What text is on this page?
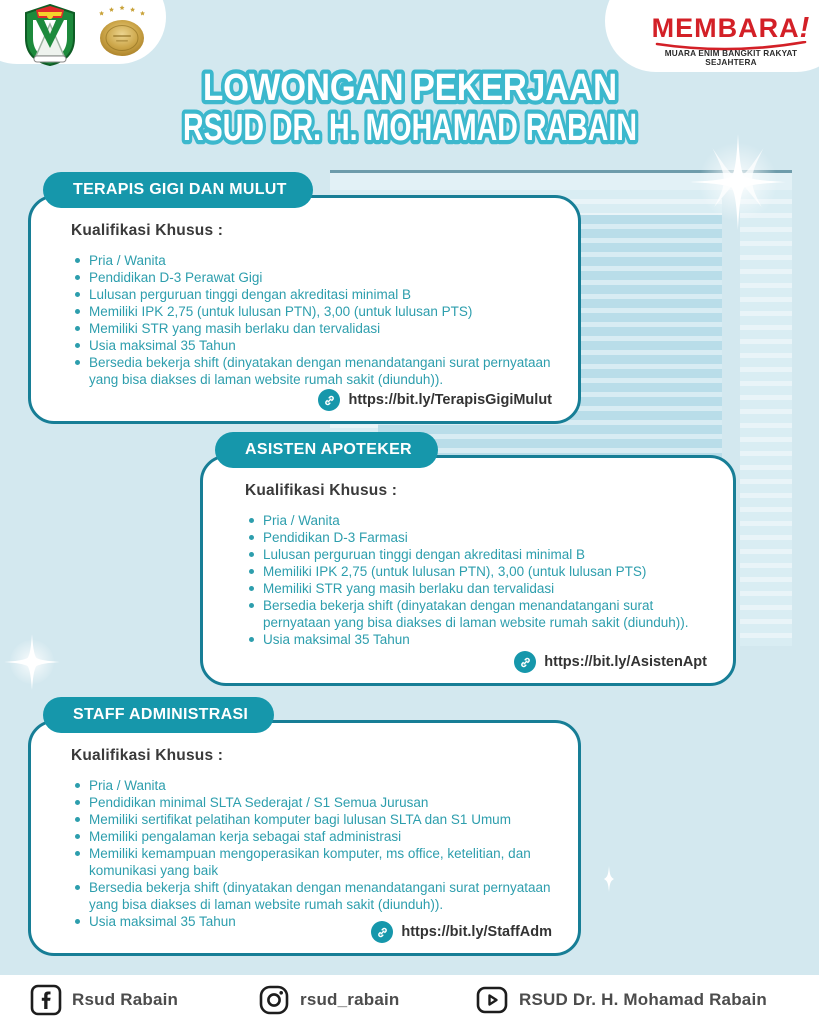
MEMBARA!
MUARA ENIM BANGKIT RAKYAT SEJAHTERA
LOWONGAN PEKERJAAN
RSUD DR. H. MOHAMAD RABAIN
TERAPIS GIGI DAN MULUT
Kualifikasi Khusus :
Pria / Wanita
Pendidikan D-3 Perawat Gigi
Lulusan perguruan tinggi dengan akreditasi minimal B
Memiliki IPK 2,75 (untuk lulusan PTN), 3,00 (untuk lulusan PTS)
Memiliki STR yang masih berlaku dan tervalidasi
Usia maksimal 35 Tahun
Bersedia bekerja shift (dinyatakan dengan menandatangani surat pernyataan yang bisa diakses di laman website rumah sakit (diunduh)).
https://bit.ly/TerapisGigiMulut
ASISTEN APOTEKER
Kualifikasi Khusus :
Pria / Wanita
Pendidikan D-3 Farmasi
Lulusan perguruan tinggi dengan akreditasi minimal B
Memiliki IPK 2,75 (untuk lulusan PTN), 3,00 (untuk lulusan PTS)
Memiliki STR yang masih berlaku dan tervalidasi
Bersedia bekerja shift (dinyatakan dengan menandatangani surat pernyataan yang bisa diakses di laman website rumah sakit (diunduh)).
Usia maksimal 35 Tahun
https://bit.ly/AsistenApt
STAFF ADMINISTRASI
Kualifikasi Khusus :
Pria / Wanita
Pendidikan minimal SLTA Sederajat / S1 Semua Jurusan
Memiliki sertifikat pelatihan komputer bagi lulusan SLTA dan S1 Umum
Memiliki pengalaman kerja sebagai staf administrasi
Memiliki kemampuan mengoperasikan komputer, ms office, ketelitian, dan komunikasi yang baik
Bersedia bekerja shift (dinyatakan dengan menandatangani surat pernyataan yang bisa diakses di laman website rumah sakit (diunduh)).
Usia maksimal 35 Tahun
https://bit.ly/StaffAdm
Rsud Rabain	rsud_rabain	RSUD Dr. H. Mohamad Rabain
